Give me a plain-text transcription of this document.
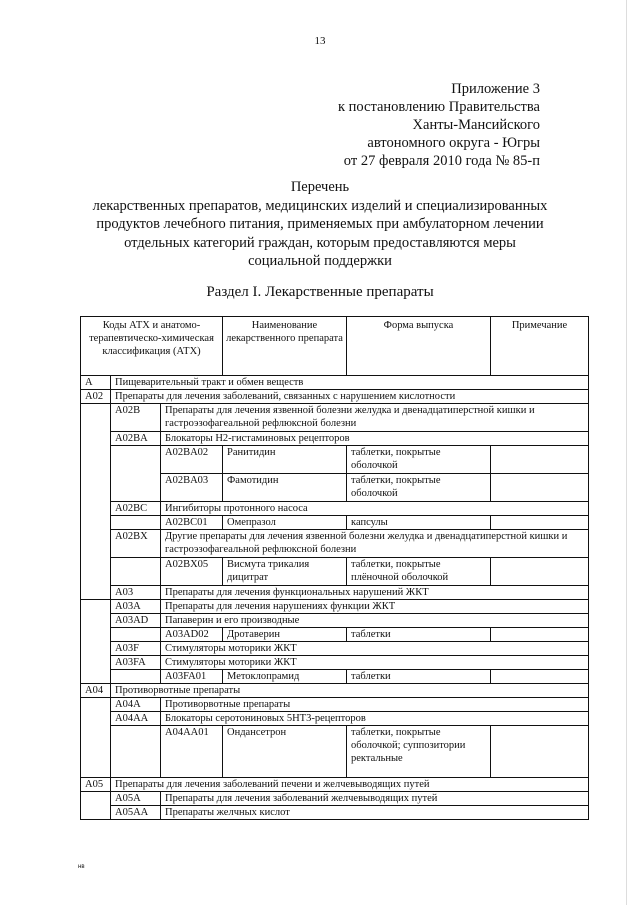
13
Приложение 3
к постановлению Правительства
Ханты-Мансийского
автономного округа - Югры
от 27 февраля 2010 года № 85-п
Перечень
лекарственных препаратов, медицинских изделий и специализированных
продуктов лечебного питания, применяемых при амбулаторном лечении
отдельных категорий граждан, которым предоставляются меры
социальной поддержки
Раздел I. Лекарственные препараты
Коды АТХ и анатомо-терапевтическо-химическая классификация (АТХ)			Наименование лекарственного препарата	Форма выпуска	Примечание
A	Пищеварительный тракт и обмен веществ				
A02	Препараты для лечения заболеваний, связанных с нарушением кислотности				
	A02B	Препараты для лечения язвенной болезни желудка и двенадцатиперстной кишки и гастроэзофагеальной рефлюксной болезни			
	A02BA	Блокаторы Н2-гистаминовых рецепторов			
		A02BA02	Ранитидин	таблетки, покрытые оболочкой	
		A02BA03	Фамотидин	таблетки, покрытые оболочкой	
	A02BC	Ингибиторы протонного насоса			
		A02BC01	Омепразол	капсулы	
	A02BX	Другие препараты для лечения язвенной болезни желудка и двенадцатиперстной кишки и гастроэзофагеальной рефлюксной болезни			
		A02BX05	Висмута трикалия дицитрат	таблетки, покрытые плёночной оболочкой	
	A03	Препараты для лечения функциональных нарушений ЖКТ			
	A03A	Препараты для лечения нарушениях функции ЖКТ			
	A03AD	Папаверин и его производные			
		A03AD02	Дротаверин	таблетки	
	A03F	Стимуляторы моторики ЖКТ			
	A03FA	Стимуляторы моторики ЖКТ			
		A03FA01	Метоклопрамид	таблетки	
A04	Противорвотные препараты				
	A04A	Противорвотные препараты			
	A04AA	Блокаторы серотониновых 5НТ3-рецепторов			
		A04AA01	Ондансетрон	таблетки, покрытые оболочкой; суппозитории ректальные	
A05	Препараты для лечения заболеваний печени и желчевыводящих путей				
	A05A	Препараты для лечения заболеваний желчевыводящих путей			
	A05AA	Препараты желчных кислот			
нв
